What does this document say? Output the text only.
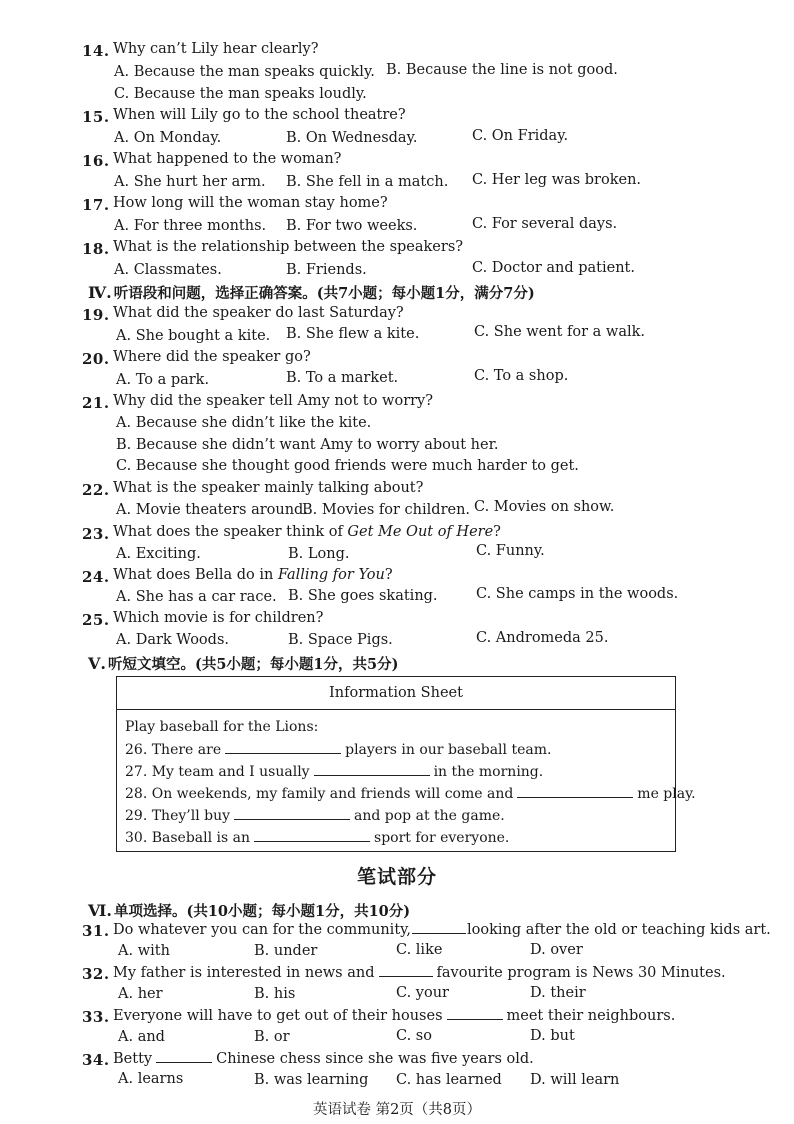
14. Why can’t Lily hear clearly?
A. Because the man speaks quickly. B. Because the line is not good.
C. Because the man speaks loudly.
15. When will Lily go to the school theatre?
A. On Monday.	B. On Wednesday.	C. On Friday.
16. What happened to the woman?
A. She hurt her arm. B. She fell in a match. C. Her leg was broken.
17. How long will the woman stay home?
A. For three months. B. For two weeks.	C. For several days.
18. What is the relationship between the speakers?
A. Classmates.	B. Friends.	C. Doctor and patient.
Ⅳ. 听语段和问题，选择正确答案。(共7小题；每小题1分，满分7分)
19. What did the speaker do last Saturday?
A. She bought a kite. B. She flew a kite.	C. She went for a walk.
20. Where did the speaker go?
A. To a park.	B. To a market.	C. To a shop.
21. Why did the speaker tell Amy not to worry?
A. Because she didn’t like the kite.
B. Because she didn’t want Amy to worry about her.
C. Because she thought good friends were much harder to get.
22. What is the speaker mainly talking about?
A. Movie theaters around.
B. Movies for children. C. Movies on show.
23. What does the speaker think of Get Me Out of Here?
A. Exciting.	B. Long.	C. Funny.
24. What does Bella do in Falling for You?
A. She has a car race. B. She goes skating.	C. She camps in the woods.
25. Which movie is for children?
A. Dark Woods.	B. Space Pigs.	C. Andromeda 25.
Ⅴ. 听短文填空。(共5小题；每小题1分，共5分)
Information Sheet
Play baseball for the Lions:
26. There are	players in our baseball team.
27. My team and I usually	in the morning.
28. On weekends, my family and friends will come and	me play.
29. They’ll buy	and pop at the game.
30. Baseball is an	sport for everyone.
笔试部分
Ⅵ. 单项选择。(共10小题；每小题1分，共10分)
31. Do whatever you can for the community,	looking after the old or teaching kids art.
A. with	B. under	C. like	D. over
32. My father is interested in news and	favourite program is News 30 Minutes.
A. her	B. his	C. your	D. their
33. Everyone will have to get out of their houses	meet their neighbours.
A. and	B. or	C. so	D. but
34. Betty	Chinese chess since she was five years old.
A. learns	B. was learning C. has learned D. will learn
英语试卷 第2页（共8页）
